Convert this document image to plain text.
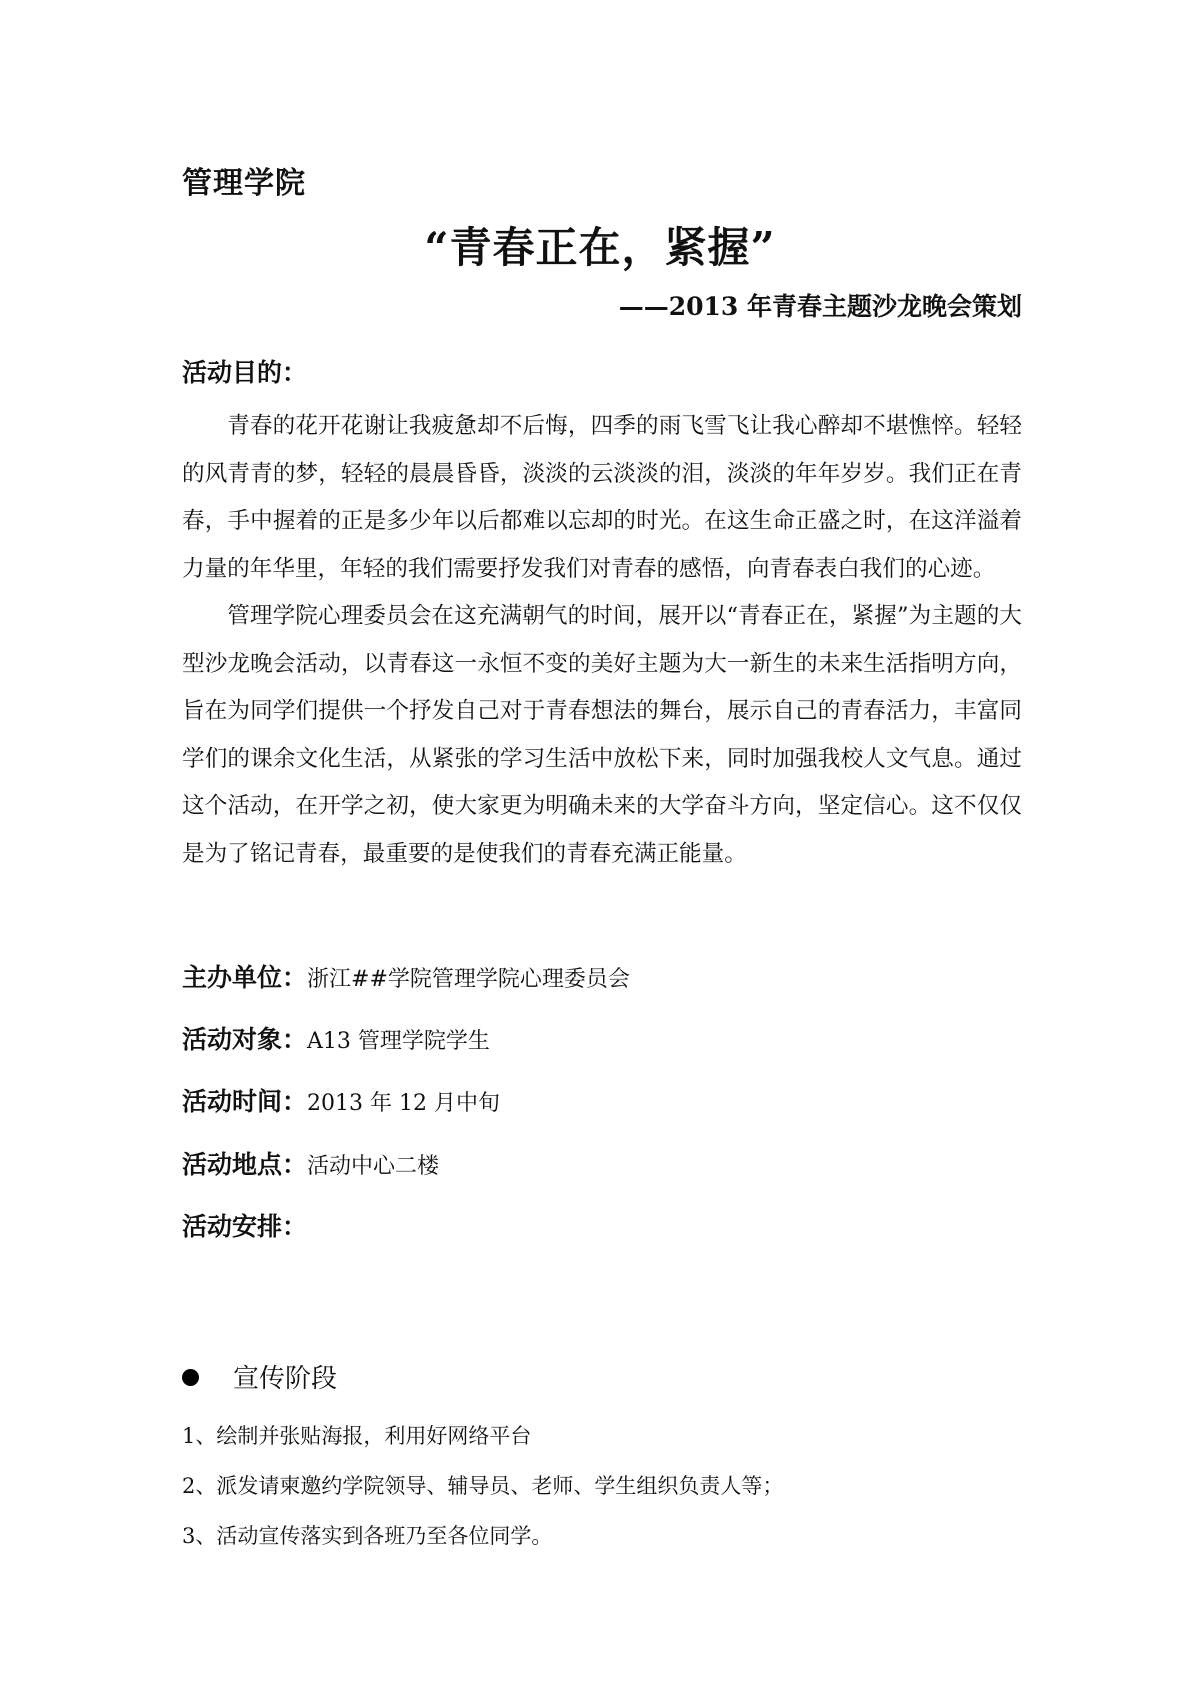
管理学院
“青春正在，紧握”
——2013 年青春主题沙龙晚会策划
活动目的：

青春的花开花谢让我疲惫却不后悔，四季的雨飞雪飞让我心醉却不堪憔悴。轻轻的风青青的梦，轻轻的晨晨昏昏，淡淡的云淡淡的泪，淡淡的年年岁岁。我们正在青春，手中握着的正是多少年以后都难以忘却的时光。在这生命正盛之时，在这洋溢着力量的年华里，年轻的我们需要抒发我们对青春的感悟，向青春表白我们的心迹。

管理学院心理委员会在这充满朝气的时间，展开以“青春正在，紧握”为主题的大型沙龙晚会活动，以青春这一永恒不变的美好主题为大一新生的未来生活指明方向，旨在为同学们提供一个抒发自己对于青春想法的舞台，展示自己的青春活力，丰富同学们的课余文化生活，从紧张的学习生活中放松下来，同时加强我校人文气息。通过这个活动，在开学之初，使大家更为明确未来的大学奋斗方向，坚定信心。这不仅仅是为了铭记青春，最重要的是使我们的青春充满正能量。

主办单位：浙江##学院管理学院心理委员会
活动对象：A13 管理学院学生
活动时间：2013 年 12 月中旬
活动地点：活动中心二楼
活动安排：
宣传阶段
1、绘制并张贴海报，利用好网络平台
2、派发请柬邀约学院领导、辅导员、老师、学生组织负责人等；
3、活动宣传落实到各班乃至各位同学。
